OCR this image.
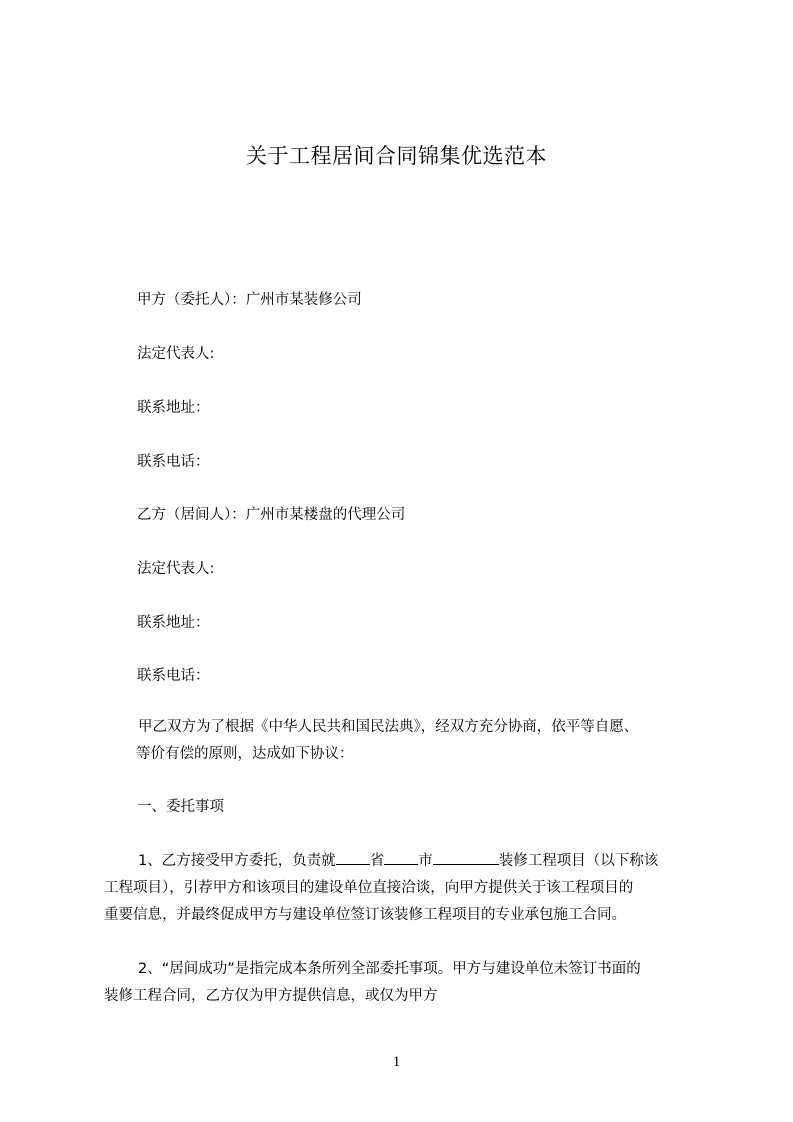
关于工程居间合同锦集优选范本
甲方（委托人）：广州市某装修公司
法定代表人:
联系地址：
联系电话：
乙方（居间人）：广州市某楼盘的代理公司
法定代表人:
联系地址：
联系电话：
甲乙双方为了根据《中华人民共和国民法典》，经双方充分协商，依平等自愿、
等价有偿的原则，达成如下协议：
一、委托事项
1、乙方接受甲方委托，负责就 省 市	装修工程项目（以下称该
工程项目），引荐甲方和该项目的建设单位直接洽谈，向甲方提供关于该工程项目的
重要信息，并最终促成甲方与建设单位签订该装修工程项目的专业承包施工合同。
2、“居间成功”是指完成本条所列全部委托事项。甲方与建设单位未签订书面的
装修工程合同，乙方仅为甲方提供信息，或仅为甲方
1
